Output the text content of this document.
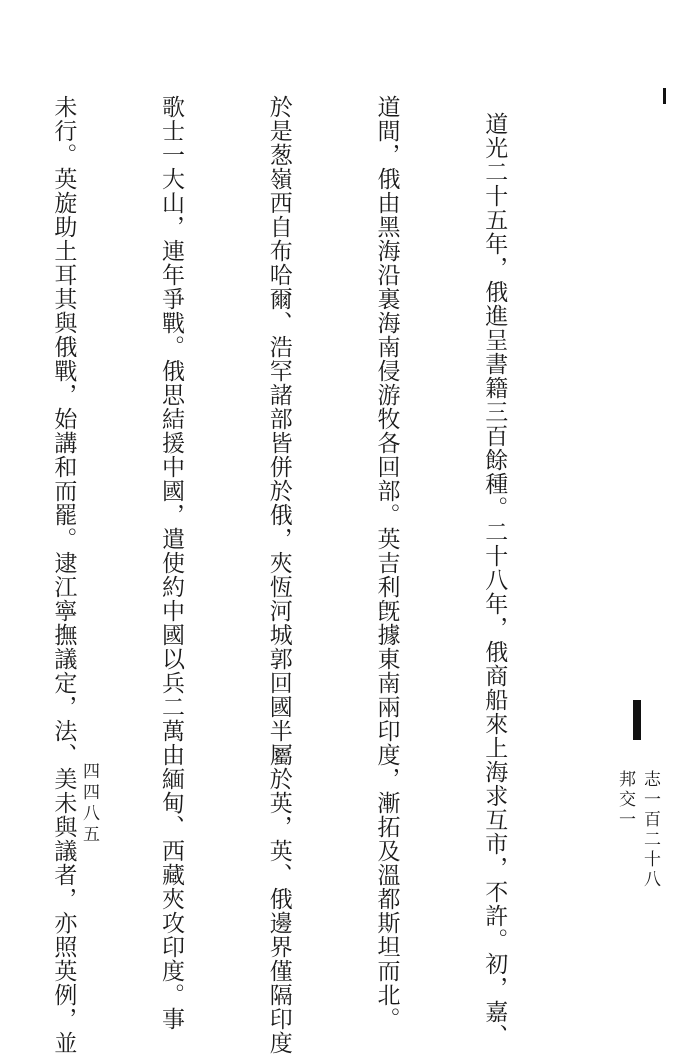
道光二十五年，俄進呈書籍三百餘種。二十八年，俄商船來上海求互市，不許。初，嘉、

道間，俄由黑海沿裏海南侵游牧各回部。英吉利旣據東南兩印度，漸拓及溫都斯坦而北。

於是葱嶺西自布哈爾、浩罕諸部皆併於俄，夾恆河城郭回國半屬於英，英、俄邊界僅隔印度

歌士一大山，連年爭戰。俄思結援中國，遣使約中國以兵二萬由緬甸、西藏夾攻印度。事

未行。英旋助土耳其與俄戰，始講和而罷。逮江寧撫議定，法、美未與議者，亦照英例，並

	志一百二十八
邦交一
四四八五
